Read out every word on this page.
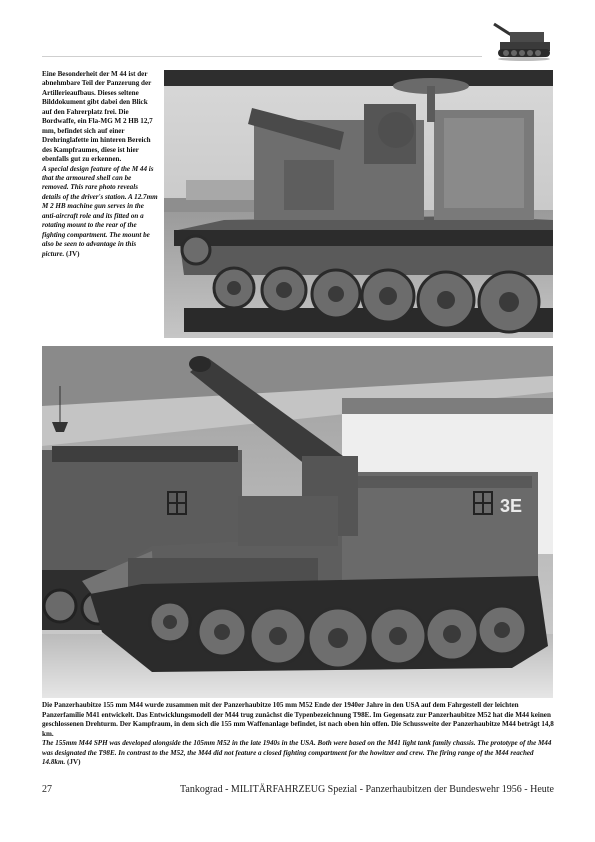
Eine Besonderheit der M 44 ist der abnehmbare Teil der Panzerung der Artillerieaufbaus. Dieses seltene Bilddokument gibt dabei den Blick auf den Fahrerplatz frei. Die Bordwaffe, ein Fla-MG M 2 HB 12,7 mm, befindet sich auf einer Drehringlafette im hinteren Bereich des Kampfraumes, diese ist hier ebenfalls gut zu erkennen.
A special design feature of the M 44 is that the armoured shell can be removed. This rare photo reveals details of the driver's station. A 12.7mm M 2 HB machine gun serves in the anti-aircraft role and its fitted on a rotating mount to the rear of the fighting compartment. The mount be also be seen to advantage in this picture. (JV)
3E
Die Panzerhaubitze 155 mm M44 wurde zusammen mit der Panzerhaubitze 105 mm M52 Ende der 1940er Jahre in den USA auf dem Fahrgestell der leichten Panzerfamilie M41 entwickelt. Das Entwicklungsmodell der M44 trug zunächst die Typenbezeichnung T98E. Im Gegensatz zur Panzerhaubitze M52 hat die M44 keinen geschlossenen Drehturm. Der Kampfraum, in dem sich die 155 mm Waffenanlage befindet, ist nach oben hin offen. Die Schussweite der Panzerhaubitze M44 beträgt 14,8 km.
The 155mm M44 SPH was developed alongside the 105mm M52 in the late 1940s in the USA. Both were based on the M41 light tank family chassis. The prototype of the M44 was designated the T98E. In contrast to the M52, the M44 did not feature a closed fighting compartment for the howitzer and crew. The firing range of the M44 reached 14.8km. (JV)
27	Tankograd - MILITÄRFAHRZEUG Spezial - Panzerhaubitzen der Bundeswehr 1956 - Heute
